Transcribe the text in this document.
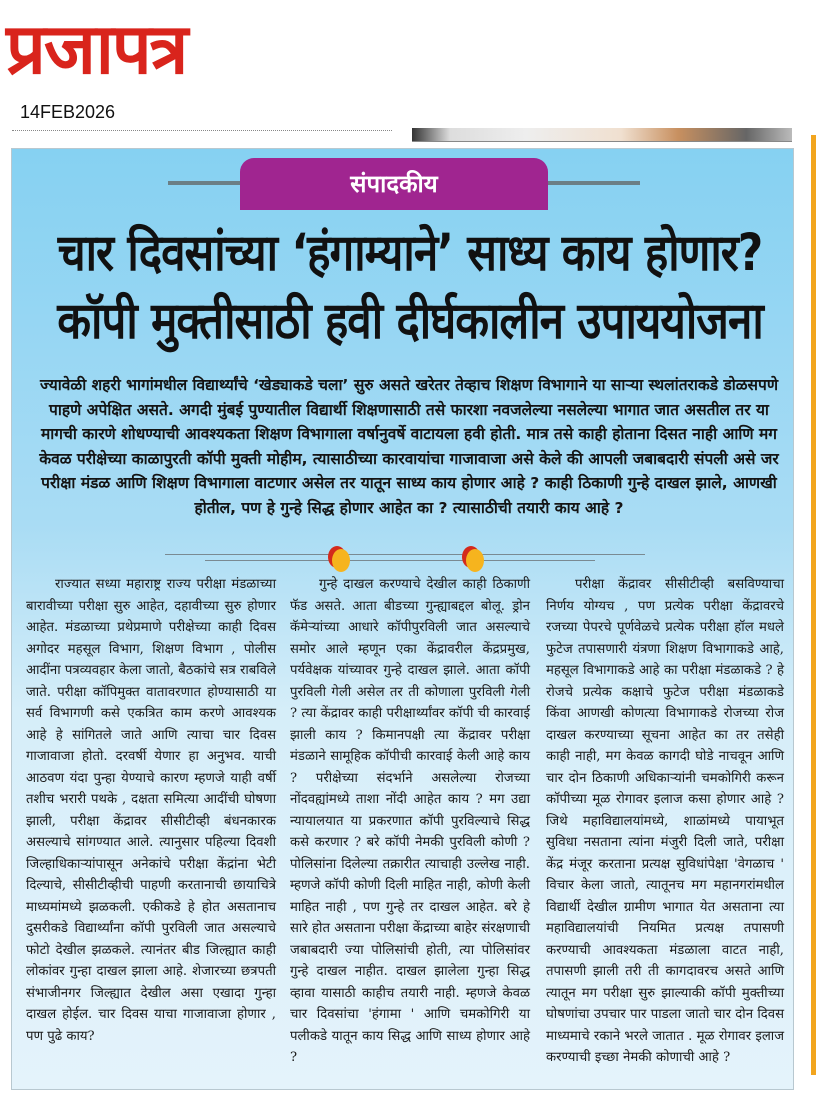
प्रजापत्र
14FEB2026
संपादकीय
चार दिवसांच्या ‘हंगाम्याने’ साध्य काय होणार?
कॉपी मुक्तीसाठी हवी दीर्घकालीन उपाययोजना
ज्यावेळी शहरी भागांमधील विद्यार्थ्यांचे ‘खेड्याकडे चला’ सुरु असते खरेतर तेव्हाच शिक्षण विभागाने या साऱ्या स्थलांतराकडे डोळसपणे पाहणे अपेक्षित असते. अगदी मुंबई पुण्यातील विद्यार्थी शिक्षणासाठी तसे फारशा नवजलेल्या नसलेल्या भागात जात असतील तर या मागची कारणे शोधण्याची आवश्यकता शिक्षण विभागाला वर्षानुवर्षे वाटायला हवी होती. मात्र तसे काही होताना दिसत नाही आणि मग केवळ परीक्षेच्या काळापुरती कॉपी मुक्ती मोहीम, त्यासाठीच्या कारवायांचा गाजावाजा असे केले की आपली जबाबदारी संपली असे जर परीक्षा मंडळ आणि शिक्षण विभागाला वाटणार असेल तर यातून साध्य काय होणार आहे ? काही ठिकाणी गुन्हे दाखल झाले, आणखी होतील, पण हे गुन्हे सिद्ध होणार आहेत का ? त्यासाठीची तयारी काय आहे ?

राज्यात सध्या महाराष्ट्र राज्य परीक्षा मंडळाच्या बारावीच्या परीक्षा सुरु आहेत, दहावीच्या सुरु होणार आहेत. मंडळाच्या प्रथेप्रमाणे परीक्षेच्या काही दिवस अगोदर महसूल विभाग, शिक्षण विभाग , पोलीस आदींना पत्रव्यवहार केला जातो, बैठकांचे सत्र राबविले जाते. परीक्षा कॉपिमुक्त वातावरणात होण्यासाठी या सर्व विभागणी कसे एकत्रित काम करणे आवश्यक आहे हे सांगितले जाते आणि त्याचा चार दिवस गाजावाजा होतो. दरवर्षी येणार हा अनुभव. याची आठवण यंदा पुन्हा येण्याचे कारण म्हणजे याही वर्षी तशीच भरारी पथके , दक्षता समित्या आदींची घोषणा झाली, परीक्षा केंद्रावर सीसीटीव्ही बंधनकारक असल्याचे सांगण्यात आले. त्यानुसार पहिल्या दिवशी जिल्हाधिकाऱ्यांपासून अनेकांचे परीक्षा केंद्रांना भेटी दिल्याचे, सीसीटीव्हीची पाहणी करतानाची छायाचित्रे माध्यमांमध्ये झळकली. एकीकडे हे होत असतानाच दुसरीकडे विद्यार्थ्यांना कॉपी पुरविली जात असल्याचे फोटो देखील झळकले. त्यानंतर बीड जिल्ह्यात काही लोकांवर गुन्हा दाखल झाला आहे. शेजारच्या छत्रपती संभाजीनगर जिल्ह्यात देखील असा एखादा गुन्हा दाखल होईल. चार दिवस याचा गाजावाजा होणार , पण पुढे काय?

गुन्हे दाखल करण्याचे देखील काही ठिकाणी फॅड असते. आता बीडच्या गुन्ह्याबद्दल बोलू. ड्रोन कॅमेऱ्यांच्या आधारे कॉपीपुरविली जात असल्याचे समोर आले म्हणून एका केंद्रावरील केंद्रप्रमुख, पर्यवेक्षक यांच्यावर गुन्हे दाखल झाले. आता कॉपी पुरविली गेली असेल तर ती कोणाला पुरविली गेली ? त्या केंद्रावर काही परीक्षार्थ्यांवर कॉपी ची कारवाई झाली काय ? किमानपक्षी त्या केंद्रावर परीक्षा मंडळाने सामूहिक कॉपीची कारवाई केली आहे काय ? परीक्षेच्या संदर्भाने असलेल्या रोजच्या नोंदवह्यांमध्ये ताशा नोंदी आहेत काय ? मग उद्या न्यायालयात या प्रकरणात कॉपी पुरविल्याचे सिद्ध कसे करणार ? बरे कॉपी नेमकी पुरविली कोणी ? पोलिसांना दिलेल्या तक्रारीत त्याचाही उल्लेख नाही. म्हणजे कॉपी कोणी दिली माहित नाही, कोणी केली माहित नाही , पण गुन्हे तर दाखल आहेत. बरे हे सारे होत असताना परीक्षा केंद्राच्या बाहेर संरक्षणाची जबाबदारी ज्या पोलिसांची होती, त्या पोलिसांवर गुन्हे दाखल नाहीत. दाखल झालेला गुन्हा सिद्ध व्हावा यासाठी काहीच तयारी नाही. म्हणजे केवळ चार दिवसांचा 'हंगामा ' आणि चमकोगिरी या पलीकडे यातून काय सिद्ध आणि साध्य होणार आहे ?

परीक्षा केंद्रावर सीसीटीव्ही बसविण्याचा निर्णय योग्यच , पण प्रत्येक परीक्षा केंद्रावरचे रजच्या पेपरचे पूर्णवेळचे प्रत्येक परीक्षा हॉल मधले फुटेज तपासणारी यंत्रणा शिक्षण विभागाकडे आहे, महसूल विभागाकडे आहे का परीक्षा मंडळाकडे ? हे रोजचे प्रत्येक कक्षाचे फुटेज परीक्षा मंडळाकडे किंवा आणखी कोणत्या विभागाकडे रोजच्या रोज दाखल करण्याच्या सूचना आहेत का तर तसेही काही नाही, मग केवळ कागदी घोडे नाचवून आणि चार दोन ठिकाणी अधिकाऱ्यांनी चमकोगिरी करून कॉपीच्या मूळ रोगावर इलाज कसा होणार आहे ? जिथे महाविद्यालयांमध्ये, शाळांमध्ये पायाभूत सुविधा नसताना त्यांना मंजुरी दिली जाते, परीक्षा केंद्र मंजूर करताना प्रत्यक्ष सुविधांपेक्षा 'वेगळाच ' विचार केला जातो, त्यातूनच मग महानगरांमधील विद्यार्थी देखील ग्रामीण भागात येत असताना त्या महाविद्यालयांची नियमित प्रत्यक्ष तपासणी करण्याची आवश्यकता मंडळाला वाटत नाही, तपासणी झाली तरी ती कागदावरच असते आणि त्यातून मग परीक्षा सुरु झाल्याकी कॉपी मुक्तीच्या घोषणांचा उपचार पार पाडला जातो चार दोन दिवस माध्यमाचे रकाने भरले जातात . मूळ रोगावर इलाज करण्याची इच्छा नेमकी कोणाची आहे ?
